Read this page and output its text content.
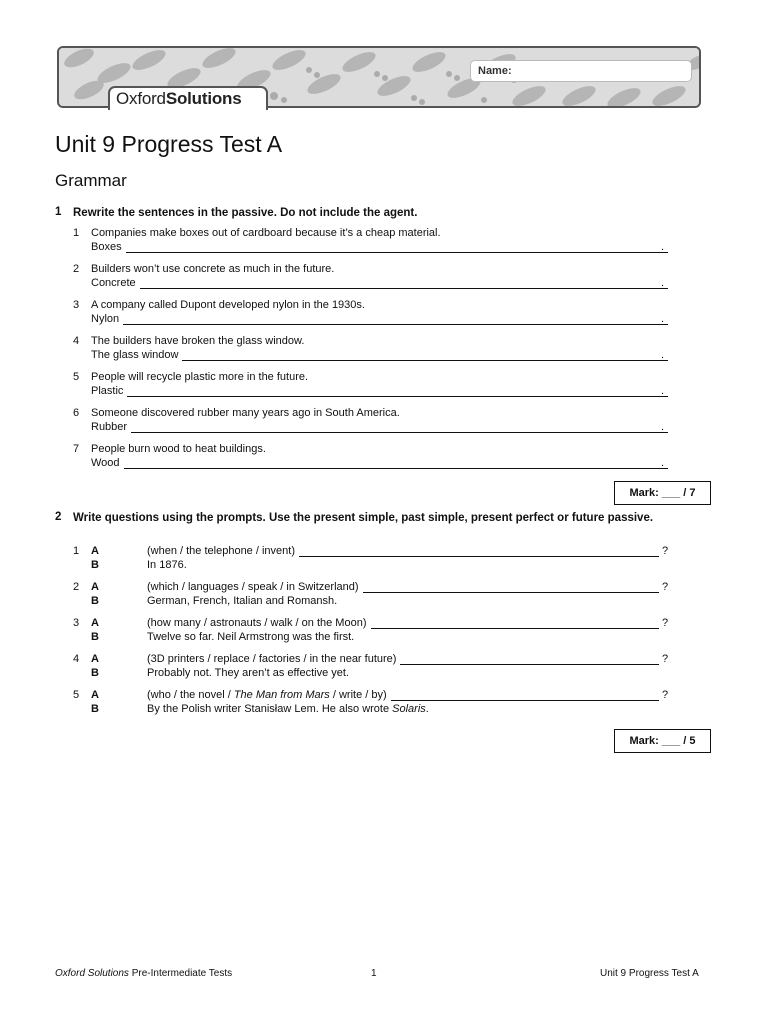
OxfordSolutions
Name:
Unit 9 Progress Test A
Grammar
1 Rewrite the sentences in the passive. Do not include the agent.
1 Companies make boxes out of cardboard because it’s a cheap material.
Boxes	.
2 Builders won’t use concrete as much in the future.
Concrete	.
3 A company called Dupont developed nylon in the 1930s.
Nylon	.
4 The builders have broken the glass window.
The glass window	.
5 People will recycle plastic more in the future.
Plastic	.
6 Someone discovered rubber many years ago in South America.
Rubber	.
7 People burn wood to heat buildings.
Wood	.
Mark: ___ / 7
2 Write questions using the prompts. Use the present simple, past simple, present perfect or future passive.
1 A
B
(when / the telephone / invent)	?
In 1876.
2 A
B
(which / languages / speak / in Switzerland)	?
German, French, Italian and Romansh.
3 A
B
(how many / astronauts / walk / on the Moon)	?
Twelve so far. Neil Armstrong was the first.
4 A
B
(3D printers / replace / factories / in the near future)	?
Probably not. They aren’t as effective yet.
5 A
B
(who / the novel / The Man from Mars / write / by)	?
By the Polish writer Stanisław Lem. He also wrote Solaris.
Mark: ___ / 5
Oxford Solutions Pre-Intermediate Tests	1	Unit 9 Progress Test A
